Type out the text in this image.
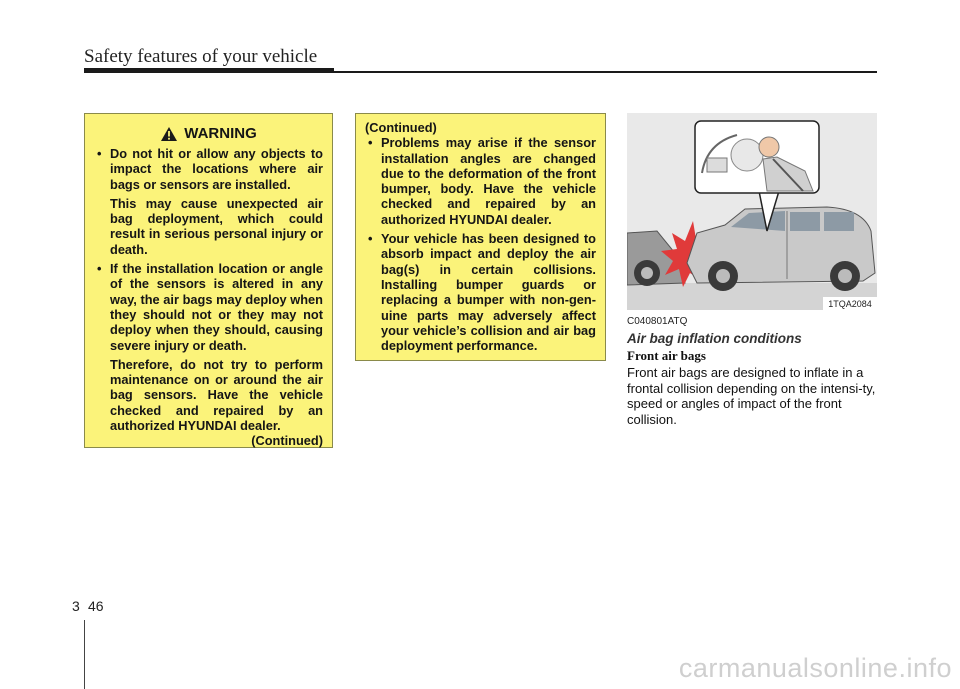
Safety features of your vehicle
WARNING
• Do not hit or allow any objects to impact the locations where air bags or sensors are installed.
This may cause unexpected air bag deployment, which could result in serious personal injury or death.
• If the installation location or angle of the sensors is altered in any way, the air bags may deploy when they should not or they may not deploy when they should, causing severe injury or death.
Therefore, do not try to perform maintenance on or around the air bag sensors. Have the vehicle checked and repaired by an authorized HYUNDAI dealer.
(Continued)
(Continued)
• Problems may arise if the sensor installation angles are changed due to the deformation of the front bumper, body. Have the vehicle checked and repaired by an authorized HYUNDAI dealer.
• Your vehicle has been designed to absorb impact and deploy the air bag(s) in certain collisions. Installing bumper guards or replacing a bumper with non-gen-uine parts may adversely affect your vehicle’s collision and air bag deployment performance.
1TQA2084
C040801ATQ
Air bag inflation conditions
Front air bags
Front air bags are designed to inflate in a frontal collision depending on the intensi-ty, speed or angles of impact of the front collision.
3 46
carmanualsonline.info
